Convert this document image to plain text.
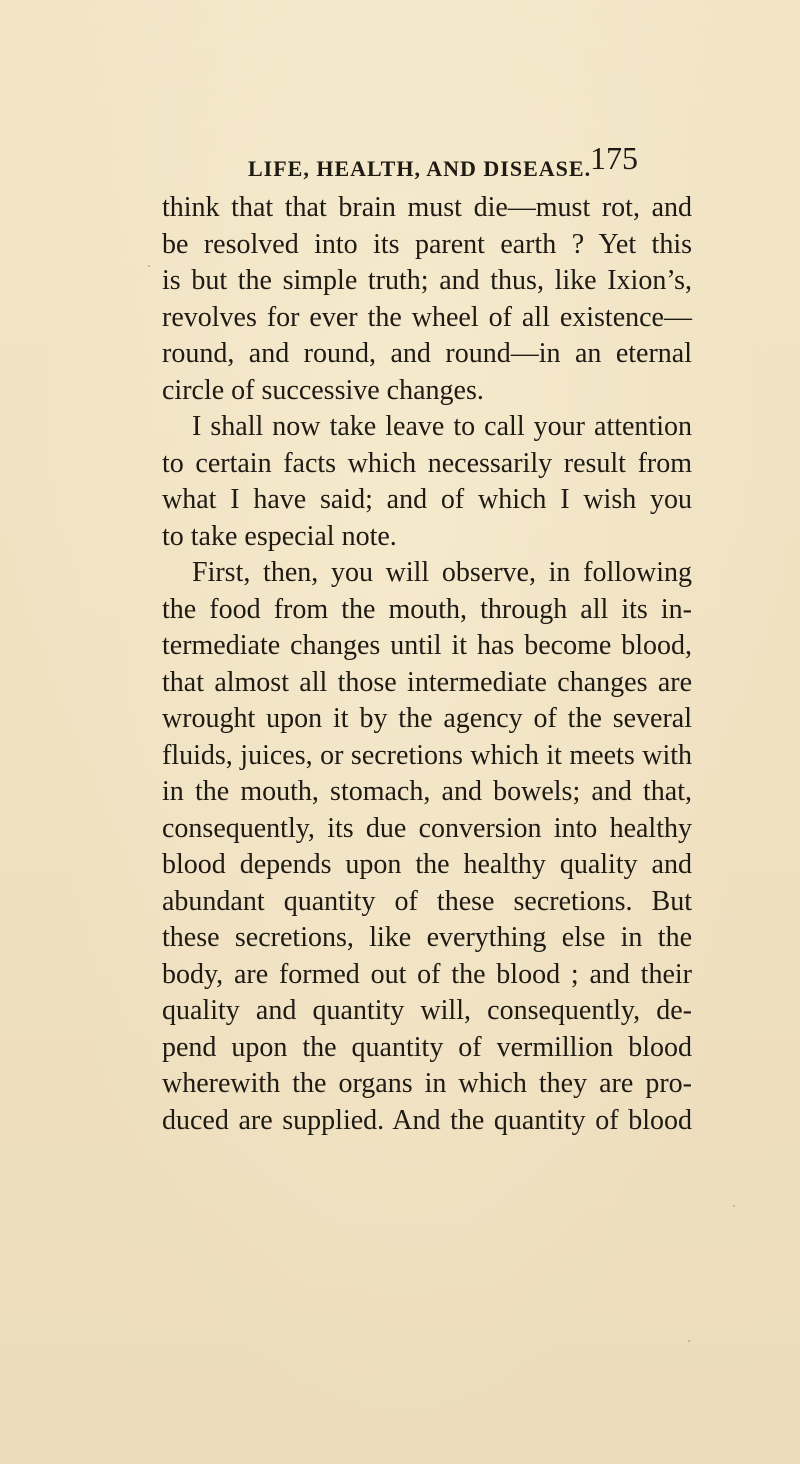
LIFE, HEALTH, AND DISEASE.
175
think that that brain must die—must rot, and
be resolved into its parent earth ? Yet this
is but the simple truth; and thus, like Ixion’s,
revolves for ever the wheel of all existence—
round, and round, and round—in an eternal
circle of successive changes.
I shall now take leave to call your attention
to certain facts which necessarily result from
what I have said; and of which I wish you
to take especial note.
First, then, you will observe, in following
the food from the mouth, through all its in-
termediate changes until it has become blood,
that almost all those intermediate changes are
wrought upon it by the agency of the several
fluids, juices, or secretions which it meets with
in the mouth, stomach, and bowels; and that,
consequently, its due conversion into healthy
blood depends upon the healthy quality and
abundant quantity of these secretions. But
these secretions, like everything else in the
body, are formed out of the blood ; and their
quality and quantity will, consequently, de-
pend upon the quantity of vermillion blood
wherewith the organs in which they are pro-
duced are supplied. And the quantity of blood
